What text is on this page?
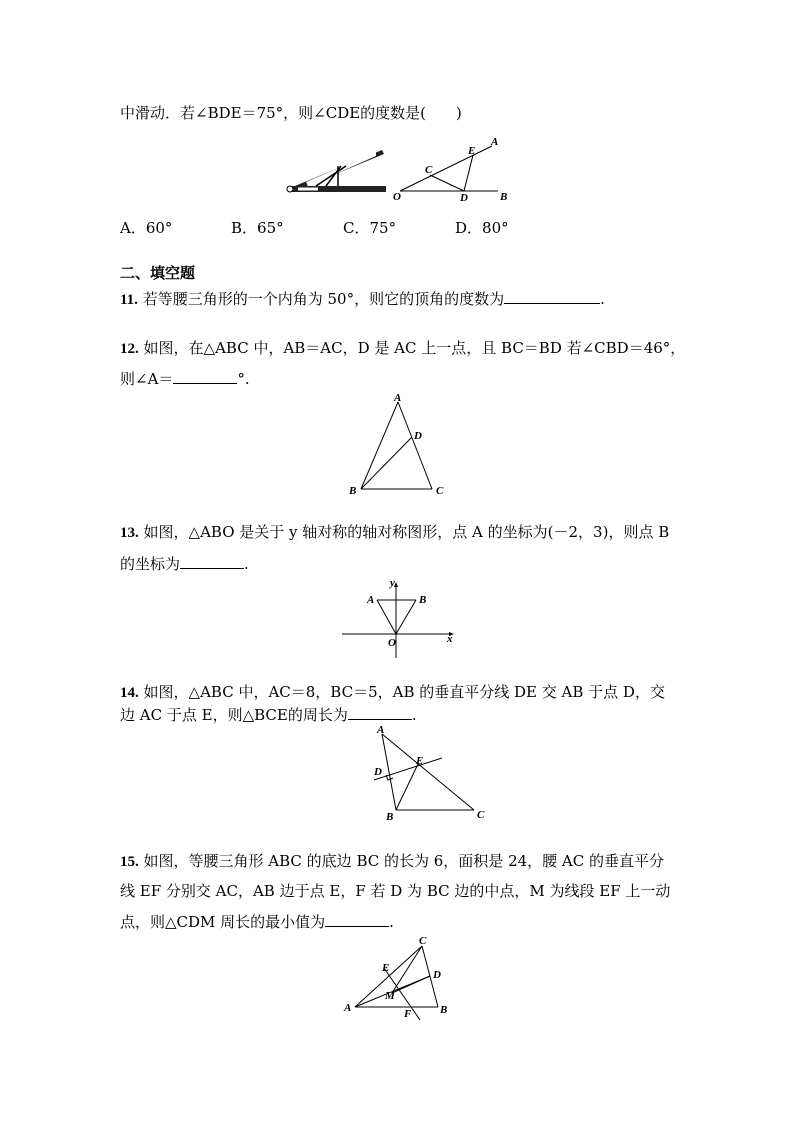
中滑动．若∠BDE＝75°，则∠CDE的度数是(　　)
A
E
C
O	D	B
A．60°	B．65°	C．75°	D．80°
二、填空题
11. 若等腰三角形的一个内角为 50°，则它的顶角的度数为	.
12. 如图，在△ABC 中，AB＝AC，D 是 AC 上一点，且 BC＝BD 若∠CBD＝46°，
则∠A＝	°.
A
D
B	C
13. 如图，△ABO 是关于 y 轴对称的轴对称图形，点 A 的坐标为(－2，3)，则点 B
的坐标为	.
y
x
A	B
O
14. 如图，△ABC 中，AC＝8，BC＝5，AB 的垂直平分线 DE 交 AB 于点 D，交
边 AC 于点 E，则△BCE的周长为	.
A
D
E
B	C
15. 如图，等腰三角形 ABC 的底边 BC 的长为 6，面积是 24，腰 AC 的垂直平分
线 EF 分别交 AC，AB 边于点 E，F 若 D 为 BC 边的中点，M 为线段 EF 上一动
点，则△CDM 周长的最小值为	.
C
E
D
M
A	F	B
